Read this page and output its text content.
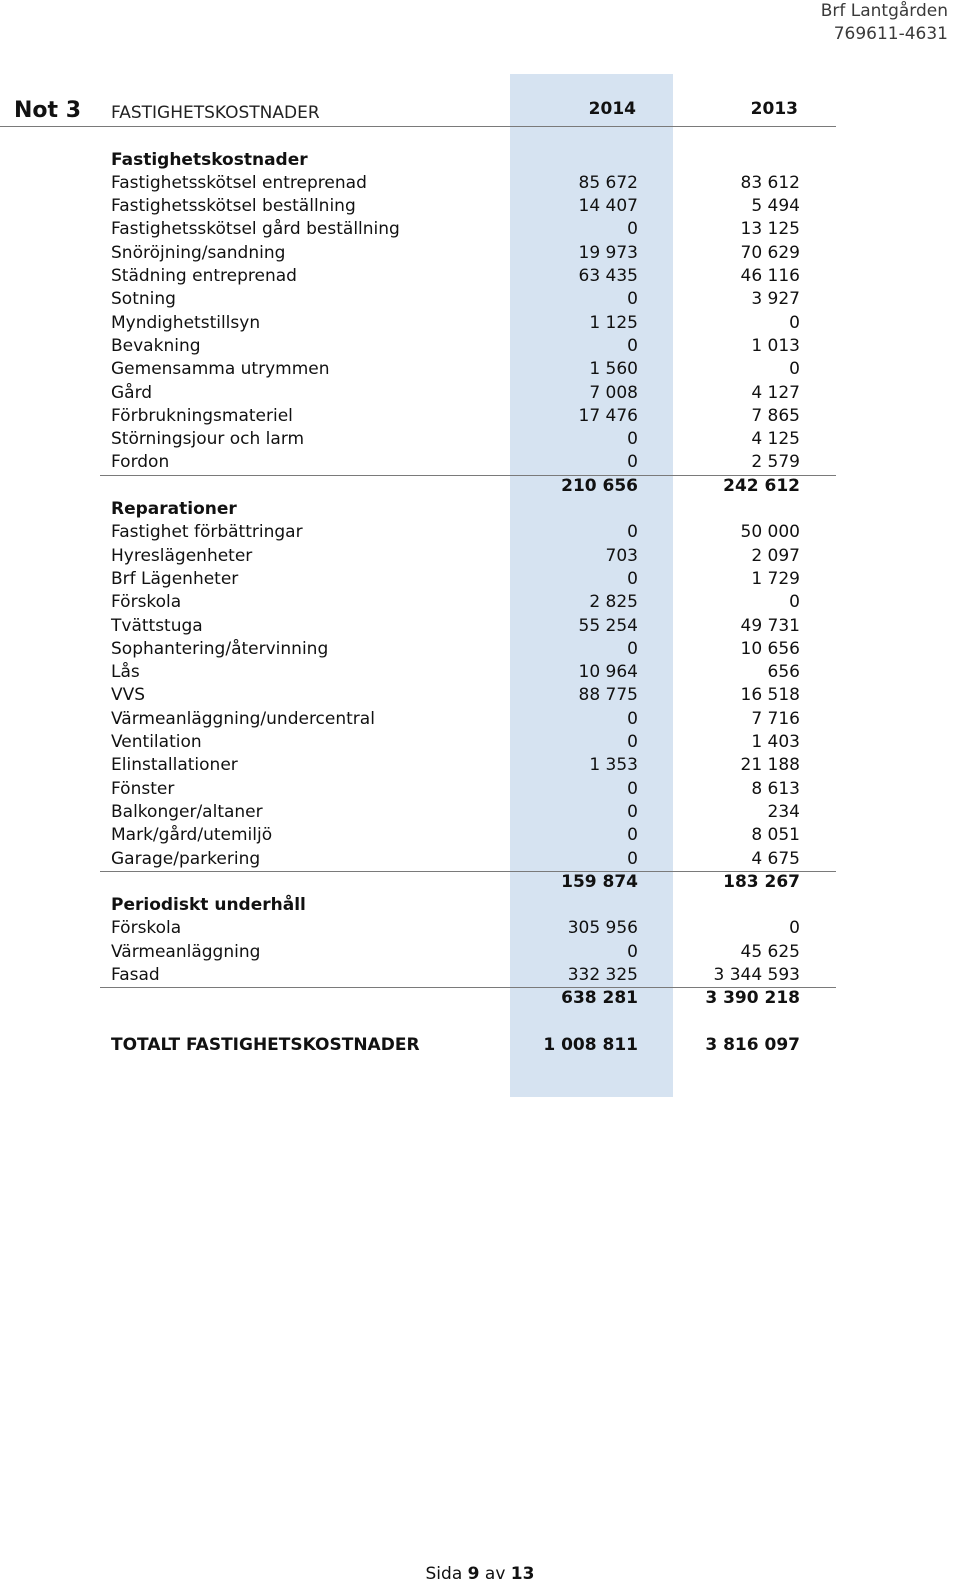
Brf Lantgården
769611-4631
Not 3 FASTIGHETSKOSTNADER	2014	2013
Fastighetskostnader
Fastighetsskötsel entreprenad	85 672	83 612
Fastighetsskötsel beställning	14 407	5 494
Fastighetsskötsel gård beställning	0	13 125
Snöröjning/sandning	19 973	70 629
Städning entreprenad	63 435	46 116
Sotning	0	3 927
Myndighetstillsyn	1 125	0
Bevakning	0	1 013
Gemensamma utrymmen	1 560	0
Gård	7 008	4 127
Förbrukningsmateriel	17 476	7 865
Störningsjour och larm	0	4 125
Fordon	0	2 579
210 656	242 612
Reparationer
Fastighet förbättringar	0	50 000
Hyreslägenheter	703	2 097
Brf Lägenheter	0	1 729
Förskola	2 825	0
Tvättstuga	55 254	49 731
Sophantering/återvinning	0	10 656
Lås	10 964	656
VVS	88 775	16 518
Värmeanläggning/undercentral	0	7 716
Ventilation	0	1 403
Elinstallationer	1 353	21 188
Fönster	0	8 613
Balkonger/altaner	0	234
Mark/gård/utemiljö	0	8 051
Garage/parkering	0	4 675
159 874	183 267
Periodiskt underhåll
Förskola	305 956	0
Värmeanläggning	0	45 625
Fasad	332 325	3 344 593
638 281	3 390 218
TOTALT FASTIGHETSKOSTNADER	1 008 811	3 816 097
Sida 9 av 13
